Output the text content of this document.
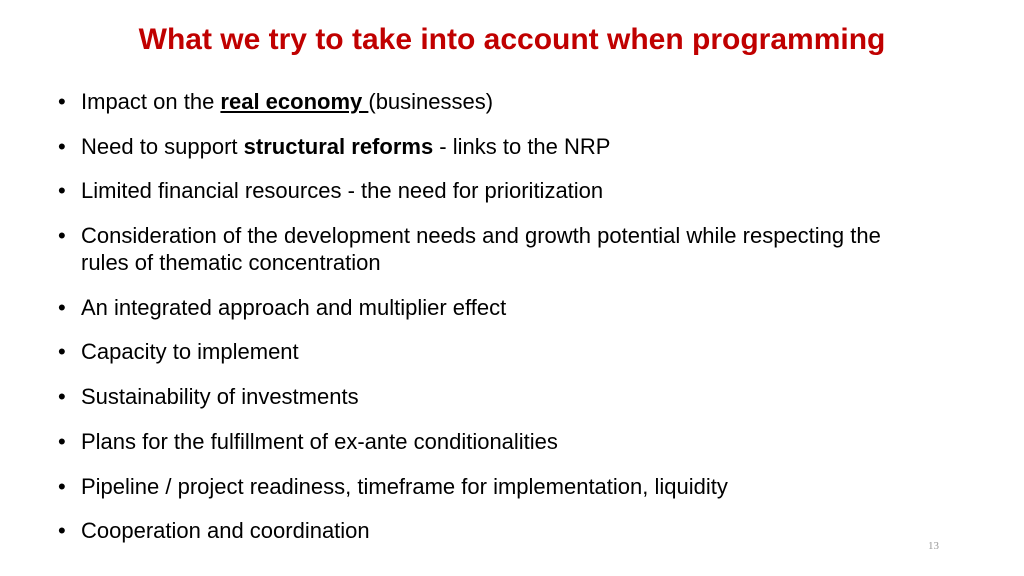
What we try to take into account when programming
• Impact on the real economy (businesses)
• Need to support structural reforms - links to the NRP
• Limited financial resources - the need for prioritization
• Consideration of the development needs and growth potential while respecting the rules of thematic concentration
• An integrated approach and multiplier effect
• Capacity to implement
• Sustainability of investments
• Plans for the fulfillment of ex-ante conditionalities
• Pipeline / project readiness, timeframe for implementation, liquidity
• Cooperation and coordination
13
